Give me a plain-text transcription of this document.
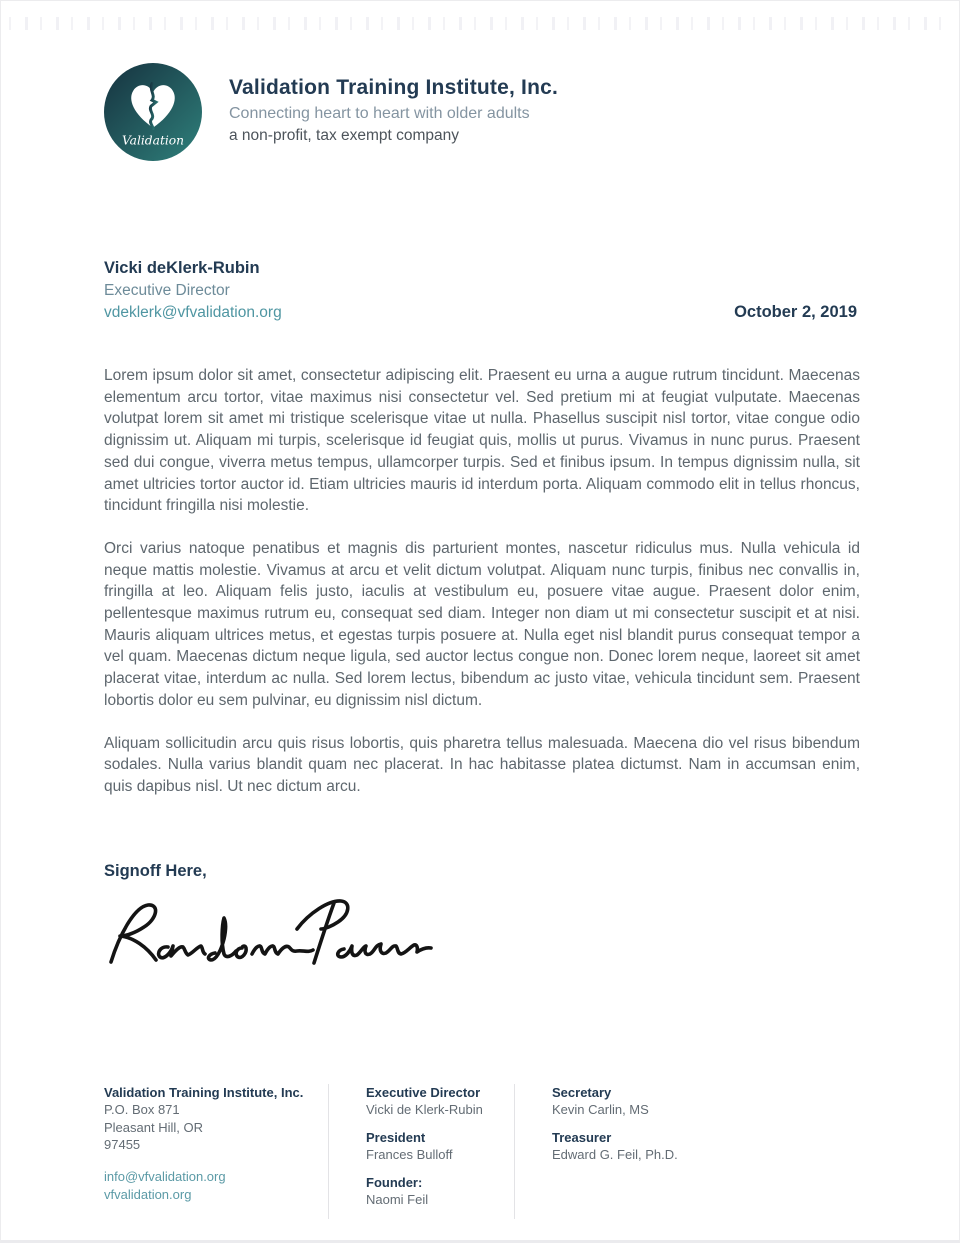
Validation
Validation Training Institute, Inc.
Connecting heart to heart with older adults
a non-profit, tax exempt company
Vicki deKlerk-Rubin
Executive Director
vdeklerk@vfvalidation.org	October 2, 2019

Lorem ipsum dolor sit amet, consectetur adipiscing elit. Praesent eu urna a augue rutrum tincidunt. Maecenas elementum arcu tortor, vitae maximus nisi consectetur vel. Sed pretium mi at feugiat vulputate. Maecenas volutpat lorem sit amet mi tristique scelerisque vitae ut nulla. Phasellus suscipit nisl tortor, vitae congue odio dignissim ut. Aliquam mi turpis, scelerisque id feugiat quis, mollis ut purus. Vivamus in nunc purus. Praesent sed dui congue, viverra metus tempus, ullamcorper turpis. Sed et finibus ipsum. In tempus dignissim nulla, sit amet ultricies tortor auctor id. Etiam ultricies mauris id interdum porta. Aliquam commodo elit in tellus rhoncus, tincidunt fringilla nisi molestie.

Orci varius natoque penatibus et magnis dis parturient montes, nascetur ridiculus mus. Nulla vehicula id neque mattis molestie. Vivamus at arcu et velit dictum volutpat. Aliquam nunc turpis, finibus nec convallis in, fringilla at leo. Aliquam felis justo, iaculis at vestibulum eu, posuere vitae augue. Praesent dolor enim, pellentesque maximus rutrum eu, consequat sed diam. Integer non diam ut mi consectetur suscipit et at nisi. Mauris aliquam ultrices metus, et egestas turpis posuere at. Nulla eget nisl blandit purus consequat tempor a vel quam. Maecenas dictum neque ligula, sed auctor lectus congue non. Donec lorem neque, laoreet sit amet placerat vitae, interdum ac nulla. Sed lorem lectus, bibendum ac justo vitae, vehicula tincidunt sem. Praesent lobortis dolor eu sem pulvinar, eu dignissim nisl dictum.

Aliquam sollicitudin arcu quis risus lobortis, quis pharetra tellus malesuada. Maecena dio vel risus bibendum sodales. Nulla varius blandit quam nec placerat. In hac habitasse platea dictumst. Nam in accumsan enim, quis dapibus nisl. Ut nec dictum arcu.

Signoff Here,
Validation Training Institute, Inc.
P.O. Box 871
Pleasant Hill, OR
97455
info@vfvalidation.org
vfvalidation.org
Executive Director
Vicki de Klerk-Rubin
President
Frances Bulloff
Founder:
Naomi Feil
Secretary
Kevin Carlin, MS
Treasurer
Edward G. Feil, Ph.D.
